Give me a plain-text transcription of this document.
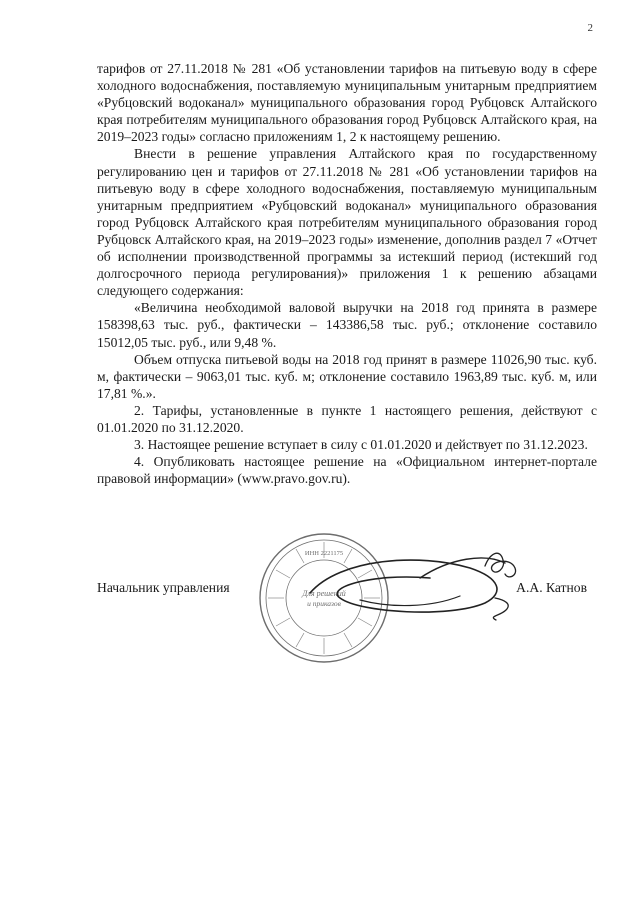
2

тарифов от 27.11.2018 № 281 «Об установлении тарифов на питьевую воду в сфере холодного водоснабжения, поставляемую муниципальным унитарным предприятием «Рубцовский водоканал» муниципального образования город Рубцовск Алтайского края потребителям муниципального образования город Рубцовск Алтайского края, на 2019–2023 годы» согласно приложениям 1, 2 к настоящему решению.

Внести в решение управления Алтайского края по государственному регулированию цен и тарифов от 27.11.2018 № 281 «Об установлении тарифов на питьевую воду в сфере холодного водоснабжения, поставляемую муниципальным унитарным предприятием «Рубцовский водоканал» муниципального образования город Рубцовск Алтайского края потребителям муниципального образования город Рубцовск Алтайского края, на 2019–2023 годы» изменение, дополнив раздел 7 «Отчет об исполнении производственной программы за истекший период (истекший год долгосрочного периода регулирования)» приложения 1 к решению абзацами следующего содержания:

«Величина необходимой валовой выручки на 2018 год принята в размере 158398,63 тыс. руб., фактически – 143386,58 тыс. руб.; отклонение составило 15012,05 тыс. руб., или 9,48 %.

Объем отпуска питьевой воды на 2018 год принят в размере 11026,90 тыс. куб. м, фактически – 9063,01 тыс. куб. м; отклонение составило 1963,89 тыс. куб. м, или 17,81 %.».

2. Тарифы, установленные в пункте 1 настоящего решения, действуют с 01.01.2020 по 31.12.2020.

3. Настоящее решение вступает в силу с 01.01.2020 и действует по 31.12.2023.

4. Опубликовать настоящее решение на «Официальном интернет-портале правовой информации» (www.pravo.gov.ru).

ИНН 2221175
Для решений
и приказов
Начальник управления	А.А. Катнов
